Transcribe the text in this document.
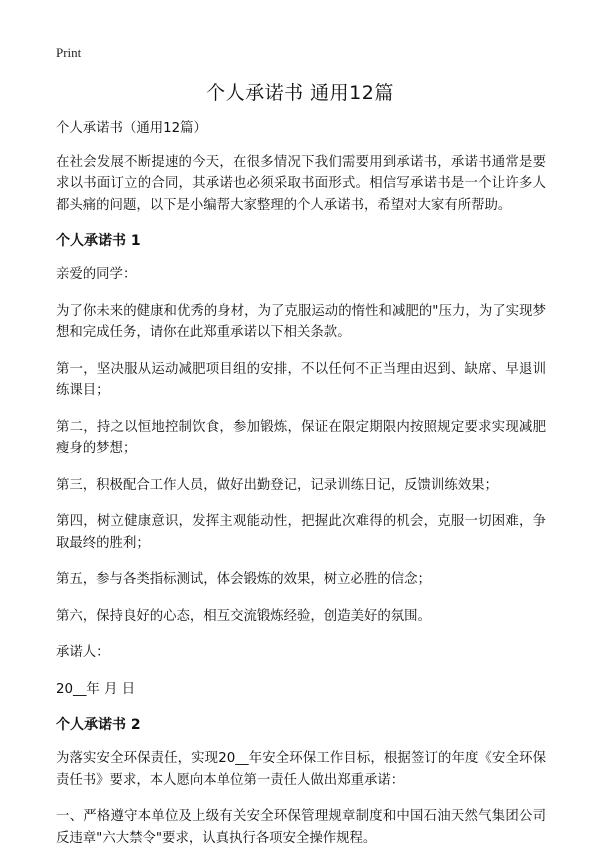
Print
个人承诺书 通用12篇

个人承诺书（通用12篇）

在社会发展不断提速的今天，在很多情况下我们需要用到承诺书，承诺书通常是要求以书面订立的合同，其承诺也必须采取书面形式。相信写承诺书是一个让许多人都头痛的问题，以下是小编帮大家整理的个人承诺书，希望对大家有所帮助。

个人承诺书 1

亲爱的同学：

为了你未来的健康和优秀的身材，为了克服运动的惰性和减肥的"压力，为了实现梦想和完成任务，请你在此郑重承诺以下相关条款。

第一，坚决服从运动减肥项目组的安排，不以任何不正当理由迟到、缺席、早退训练课目；

第二，持之以恒地控制饮食，参加锻炼，保证在限定期限内按照规定要求实现减肥瘦身的梦想；

第三，积极配合工作人员，做好出勤登记，记录训练日记，反馈训练效果；

第四，树立健康意识，发挥主观能动性，把握此次难得的机会，克服一切困难，争取最终的胜利；

第五，参与各类指标测试，体会锻炼的效果，树立必胜的信念；

第六，保持良好的心态，相互交流锻炼经验，创造美好的氛围。

承诺人：

20__年 月 日

个人承诺书 2

为落实安全环保责任，实现20__年安全环保工作目标，根据签订的年度《安全环保责任书》要求，本人愿向本单位第一责任人做出郑重承诺：

一、严格遵守本单位及上级有关安全环保管理规章制度和中国石油天然气集团公司反违章"六大禁令"要求，认真执行各项安全操作规程。
